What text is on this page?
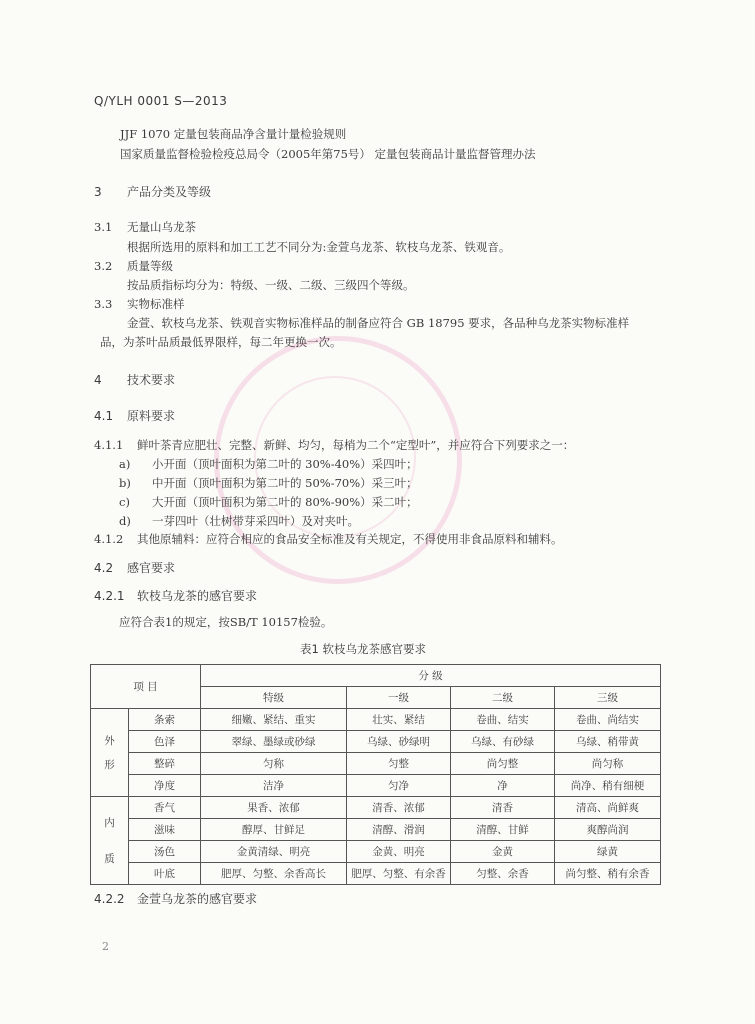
Q/YLH 0001 S—2013
JJF 1070 定量包装商品净含量计量检验规则
国家质量监督检验检疫总局令（2005年第75号） 定量包装商品计量监督管理办法
3 产品分类及等级
3.1 无量山乌龙茶
根据所选用的原料和加工工艺不同分为:金萱乌龙茶、软枝乌龙茶、铁观音。
3.2 质量等级
按品质指标均分为：特级、一级、二级、三级四个等级。
3.3 实物标准样
金萱、软枝乌龙茶、铁观音实物标准样品的制备应符合 GB 18795 要求，各品种乌龙茶实物标准样
品，为茶叶品质最低界限样，每二年更换一次。
4 技术要求
4.1 原料要求
4.1.1 鲜叶茶青应肥壮、完整、新鲜、均匀，每梢为二个“定型叶”，并应符合下列要求之一：
a) 小开面（顶叶面积为第二叶的 30%-40%）采四叶；
b) 中开面（顶叶面积为第二叶的 50%-70%）采三叶；
c) 大开面（顶叶面积为第二叶的 80%-90%）采二叶；
d) 一芽四叶（壮树带芽采四叶）及对夹叶。
4.1.2 其他原辅料：应符合相应的食品安全标准及有关规定，不得使用非食品原料和辅料。
4.2 感官要求
4.2.1 软枝乌龙茶的感官要求
应符合表1的规定，按SB/T 10157检验。
表1 软枝乌龙茶感官要求
项 目		分 级			
		特级	一级	二级	三级
外

形	条索	细嫩、紧结、重实	壮实、紧结	卷曲、结实	卷曲、尚结实
	色泽	翠绿、墨绿或砂绿	乌绿、砂绿明	乌绿、有砂绿	乌绿、稍带黄
	整碎	匀称	匀整	尚匀整	尚匀称
	净度	洁净	匀净	净	尚净、稍有细梗
内

质	香气	果香、浓郁	清香、浓郁	清香	清高、尚鲜爽
	滋味	醇厚、甘鲜足	清醇、滑润	清醇、甘鲜	爽醇尚润
	汤色	金黄清绿、明亮	金黄、明亮	金黄	绿黄
	叶底	肥厚、匀整、余香高长	肥厚、匀整、有余香	匀整、余香	尚匀整、稍有余香
4.2.2 金萱乌龙茶的感官要求
2
